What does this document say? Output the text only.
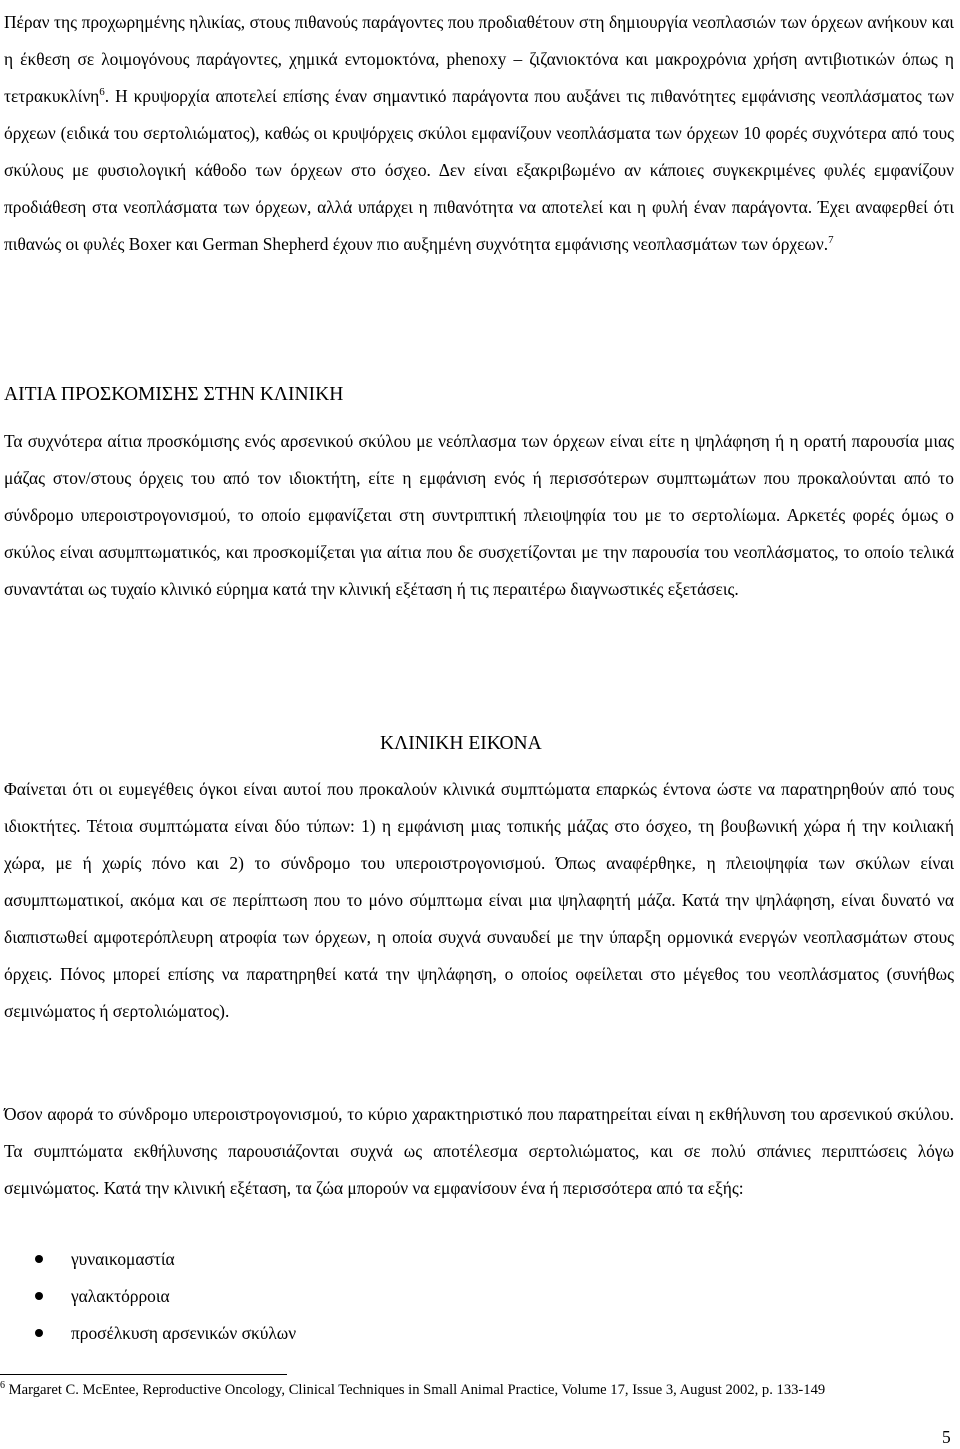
Πέραν της προχωρημένης ηλικίας, στους πιθανούς παράγοντες που προδιαθέτουν στη δημιουργία νεοπλασιών των όρχεων ανήκουν και η έκθεση σε λοιμογόνους παράγοντες, χημικά εντομοκτόνα, phenoxy – ζιζανιοκτόνα και μακροχρόνια χρήση αντιβιοτικών όπως η τετρακυκλίνη$^6$. Η κρυψορχία αποτελεί επίσης έναν σημαντικό παράγοντα που αυξάνει τις πιθανότητες εμφάνισης νεοπλάσματος των όρχεων (ειδικά του σερτολιώματος), καθώς οι κρυψόρχεις σκύλοι εμφανίζουν νεοπλάσματα των όρχεων 10 φορές συχνότερα από τους σκύλους με φυσιολογική κάθοδο των όρχεων στο όσχεο. Δεν είναι εξακριβωμένο αν κάποιες συγκεκριμένες φυλές εμφανίζουν προδιάθεση στα νεοπλάσματα των όρχεων, αλλά υπάρχει η πιθανότητα να αποτελεί και η φυλή έναν παράγοντα. Έχει αναφερθεί ότι πιθανώς οι φυλές Boxer και German Shepherd έχουν πιο αυξημένη συχνότητα εμφάνισης νεοπλασμάτων των όρχεων.$^7$

ΑΙΤΙΑ ΠΡΟΣΚΟΜΙΣΗΣ ΣΤΗΝ ΚΛΙΝΙΚΗ

Τα συχνότερα αίτια προσκόμισης ενός αρσενικού σκύλου με νεόπλασμα των όρχεων είναι είτε η ψηλάφηση ή η ορατή παρουσία μιας μάζας στον/στους όρχεις του από τον ιδιοκτήτη, είτε η εμφάνιση ενός ή περισσότερων συμπτωμάτων που προκαλούνται από το σύνδρομο υπεροιστρογονισμού, το οποίο εμφανίζεται στη συντριπτική πλειοψηφία του με το σερτολίωμα. Αρκετές φορές όμως ο σκύλος είναι ασυμπτωματικός, και προσκομίζεται για αίτια που δε συσχετίζονται με την παρουσία του νεοπλάσματος, το οποίο τελικά συναντάται ως τυχαίο κλινικό εύρημα κατά την κλινική εξέταση ή τις περαιτέρω διαγνωστικές εξετάσεις.

ΚΛΙΝΙΚΗ ΕΙΚΟΝΑ

Φαίνεται ότι οι ευμεγέθεις όγκοι είναι αυτοί που προκαλούν κλινικά συμπτώματα επαρκώς έντονα ώστε να παρατηρηθούν από τους ιδιοκτήτες. Τέτοια συμπτώματα είναι δύο τύπων: 1) η εμφάνιση μιας τοπικής μάζας στο όσχεο, τη βουβωνική χώρα ή την κοιλιακή χώρα, με ή χωρίς πόνο και 2) το σύνδρομο του υπεροιστρογονισμού. Όπως αναφέρθηκε, η πλειοψηφία των σκύλων είναι ασυμπτωματικοί, ακόμα και σε περίπτωση που το μόνο σύμπτωμα είναι μια ψηλαφητή μάζα. Κατά την ψηλάφηση, είναι δυνατό να διαπιστωθεί αμφοτερόπλευρη ατροφία των όρχεων, η οποία συχνά συναυδεί με την ύπαρξη ορμονικά ενεργών νεοπλασμάτων στους όρχεις. Πόνος μπορεί επίσης να παρατηρηθεί κατά την ψηλάφηση, ο οποίος οφείλεται στο μέγεθος του νεοπλάσματος (συνήθως σεμινώματος ή σερτολιώματος).

Όσον αφορά το σύνδρομο υπεροιστρογονισμού, το κύριο χαρακτηριστικό που παρατηρείται είναι η εκθήλυνση του αρσενικού σκύλου. Τα συμπτώματα εκθήλυνσης παρουσιάζονται συχνά ως αποτέλεσμα σερτολιώματος, και σε πολύ σπάνιες περιπτώσεις λόγω σεμινώματος. Κατά την κλινική εξέταση, τα ζώα μπορούν να εμφανίσουν ένα ή περισσότερα από τα εξής:

γυναικομαστία
γαλακτόρροια
προσέλκυση αρσενικών σκύλων

$^6$ Margaret C. McEntee, Reproductive Oncology, Clinical Techniques in Small Animal Practice, Volume 17, Issue 3, August 2002, p. 133-149

5
